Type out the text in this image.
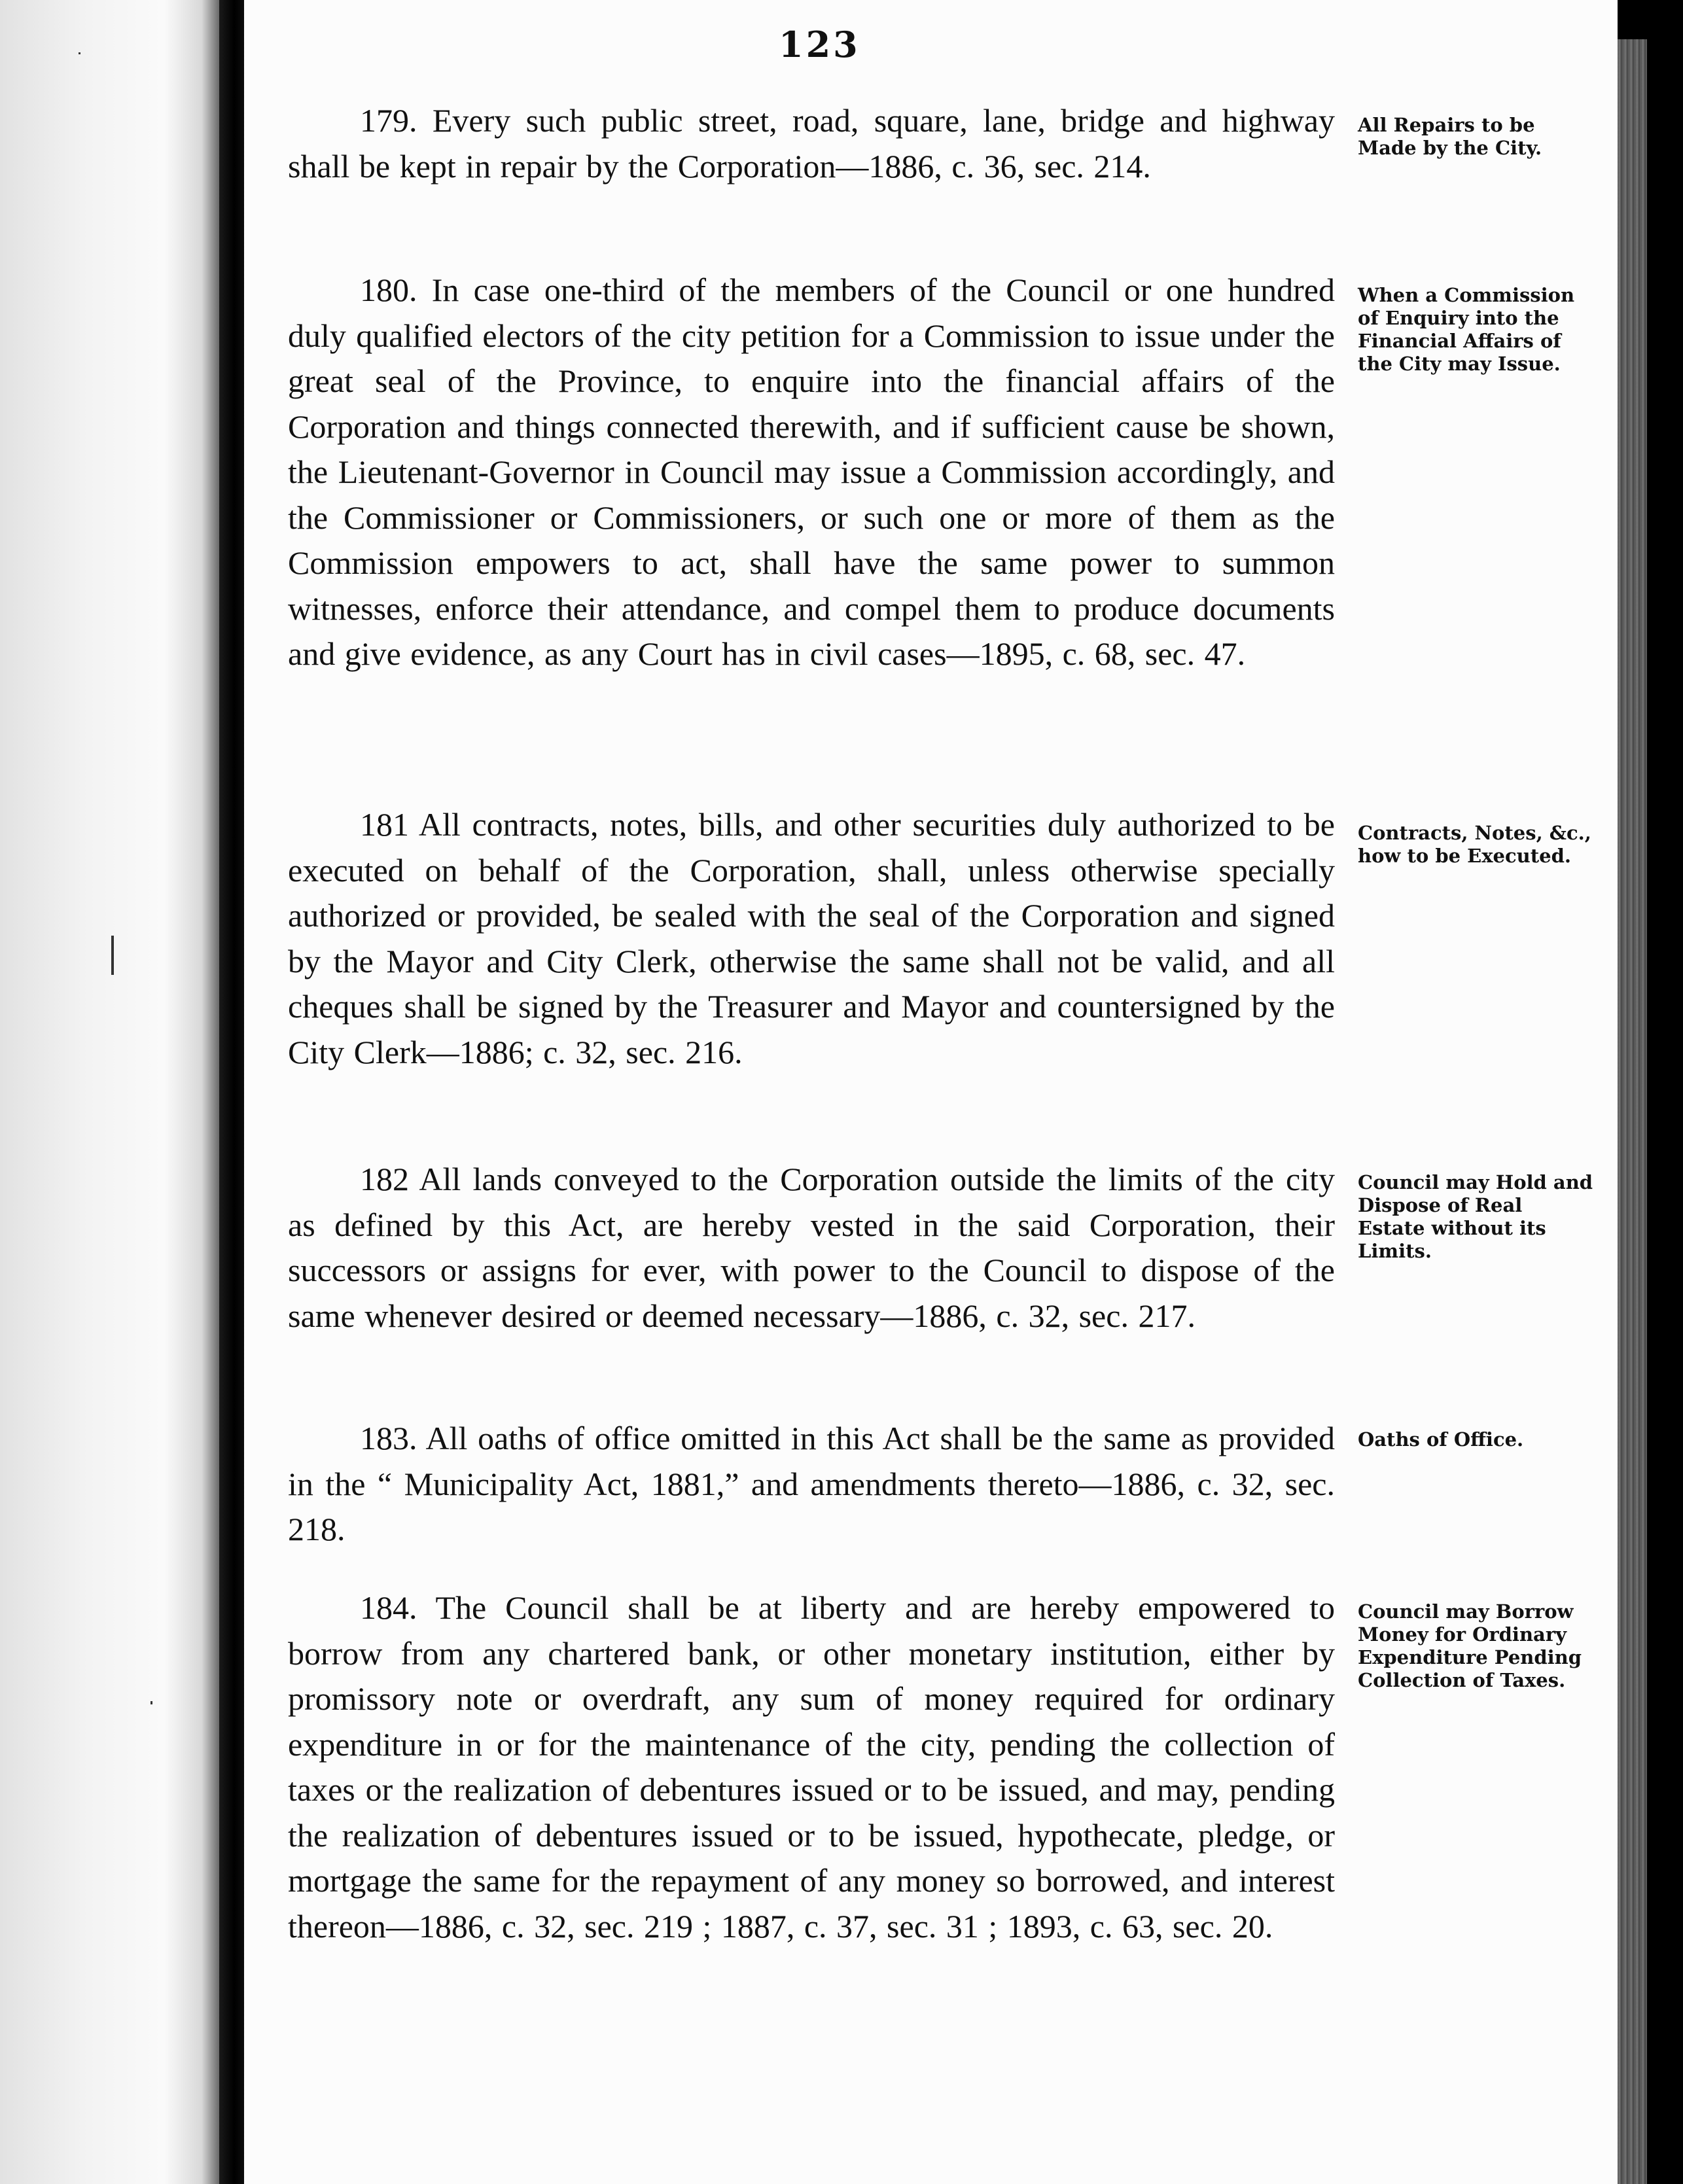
123
179. Every such public street, road, square, lane, bridge and highway shall be kept in repair by the Corporation—1886, c. 36, sec. 214.
All Repairs to be Made by the City.
180. In case one-third of the members of the Council or one hundred duly qualified electors of the city petition for a Commission to issue under the great seal of the Province, to enquire into the financial affairs of the Corporation and things connected therewith, and if sufficient cause be shown, the Lieutenant-Governor in Council may issue a Commission accordingly, and the Commissioner or Commissioners, or such one or more of them as the Commission empowers to act, shall have the same power to summon witnesses, enforce their attendance, and compel them to produce documents and give evidence, as any Court has in civil cases—1895, c. 68, sec. 47.
When a Commission of Enquiry into the Financial Affairs of the City may Issue.
181 All contracts, notes, bills, and other securities duly authorized to be executed on behalf of the Corporation, shall, unless otherwise specially authorized or provided, be sealed with the seal of the Corporation and signed by the Mayor and City Clerk, otherwise the same shall not be valid, and all cheques shall be signed by the Treasurer and Mayor and countersigned by the City Clerk—1886; c. 32, sec. 216.
Contracts, Notes, &c., how to be Executed.
182 All lands conveyed to the Corporation outside the limits of the city as defined by this Act, are hereby vested in the said Corporation, their successors or assigns for ever, with power to the Council to dispose of the same whenever desired or deemed necessary—1886, c. 32, sec. 217.
Council may Hold and Dispose of Real Estate without its Limits.
183. All oaths of office omitted in this Act shall be the same as provided in the “ Municipality Act, 1881,” and amendments thereto—1886, c. 32, sec. 218.
Oaths of Office.
184. The Council shall be at liberty and are hereby empowered to borrow from any chartered bank, or other monetary institution, either by promissory note or overdraft, any sum of money required for ordinary expenditure in or for the maintenance of the city, pending the collection of taxes or the realization of debentures issued or to be issued, and may, pending the realization of debentures issued or to be issued, hypothecate, pledge, or mortgage the same for the repayment of any money so borrowed, and interest thereon—1886, c. 32, sec. 219 ; 1887, c. 37, sec. 31 ; 1893, c. 63, sec. 20.
Council may Borrow Money for Ordinary Expenditure Pending Collection of Taxes.
